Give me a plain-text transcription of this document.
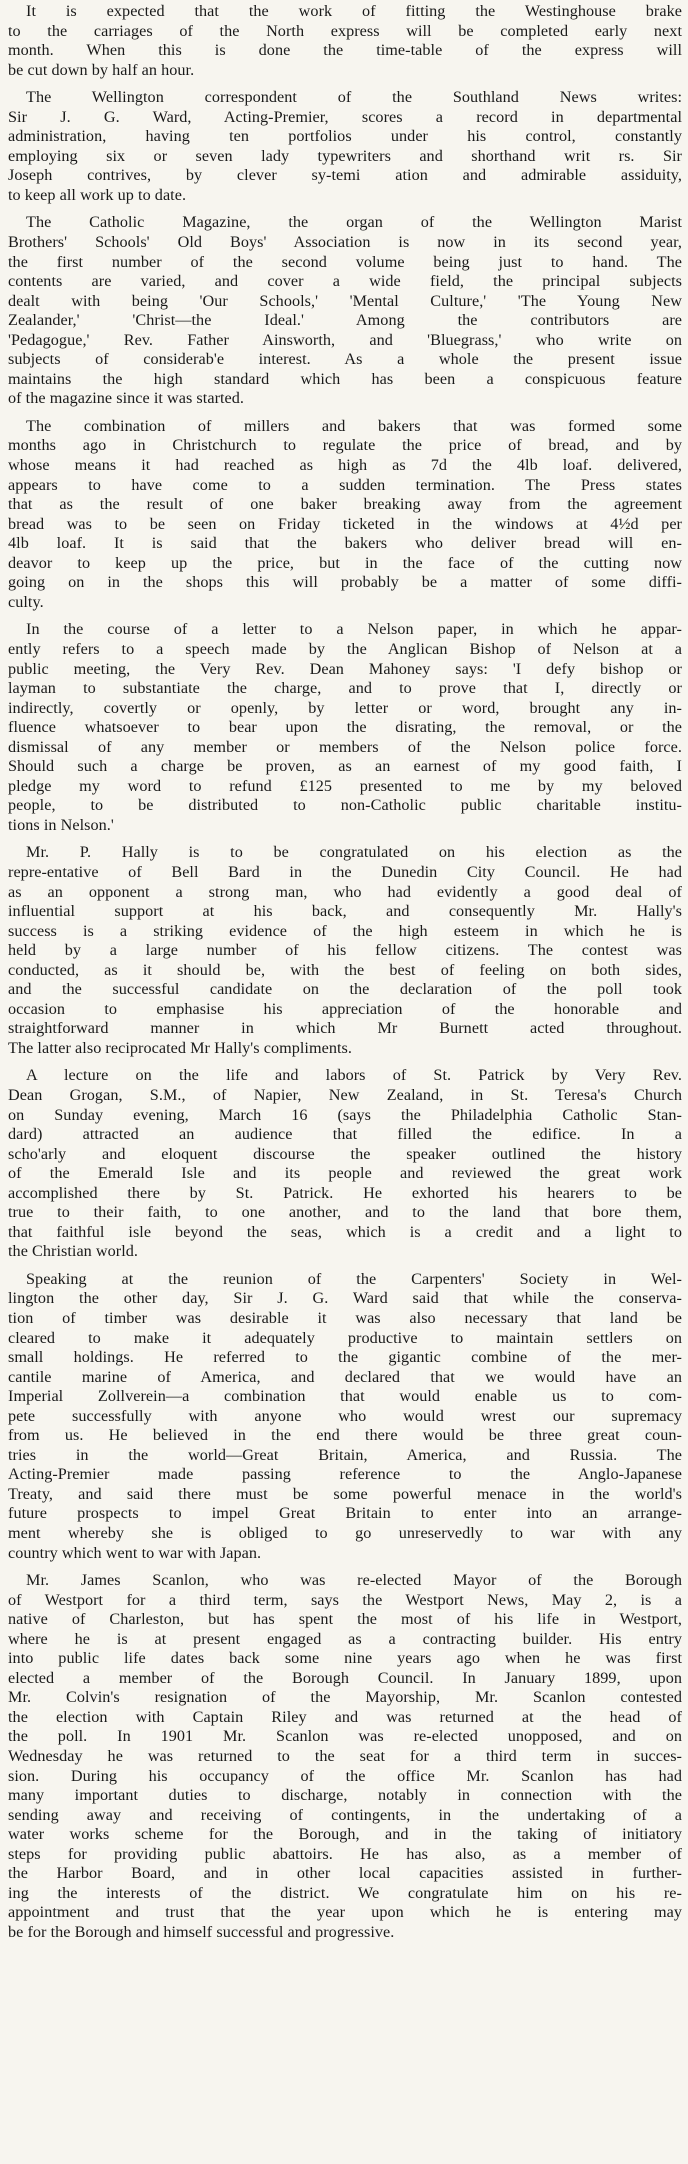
It is expected that the work of fitting the Westinghouse brake
to the carriages of the North express will be completed early next
month. When this is done the time-table of the express will
be cut down by half an hour.

The Wellington correspondent of the Southland News writes:
Sir J. G. Ward, Acting-Premier, scores a record in departmental
administration, having ten portfolios under his control, constantly
employing six or seven lady typewriters and shorthand writ rs. Sir
Joseph contrives, by clever sy-temi ation and admirable assiduity,
to keep all work up to date.

The Catholic Magazine, the organ of the Wellington Marist
Brothers' Schools' Old Boys' Association is now in its second year,
the first number of the second volume being just to hand. The
contents are varied, and cover a wide field, the principal subjects
dealt with being 'Our Schools,' 'Mental Culture,' 'The Young New
Zealander,' 'Christ—the Ideal.' Among the contributors are
'Pedagogue,' Rev. Father Ainsworth, and 'Bluegrass,' who write on
subjects of considerab'e interest. As a whole the present issue
maintains the high standard which has been a conspicuous feature
of the magazine since it was started.

The combination of millers and bakers that was formed some
months ago in Christchurch to regulate the price of bread, and by
whose means it had reached as high as 7d the 4lb loaf. delivered,
appears to have come to a sudden termination. The Press states
that as the result of one baker breaking away from the agreement
bread was to be seen on Friday ticketed in the windows at 4½d per
4lb loaf. It is said that the bakers who deliver bread will en-
deavor to keep up the price, but in the face of the cutting now
going on in the shops this will probably be a matter of some diffi-
culty.

In the course of a letter to a Nelson paper, in which he appar-
ently refers to a speech made by the Anglican Bishop of Nelson at a
public meeting, the Very Rev. Dean Mahoney says: 'I defy bishop or
layman to substantiate the charge, and to prove that I, directly or
indirectly, covertly or openly, by letter or word, brought any in-
fluence whatsoever to bear upon the disrating, the removal, or the
dismissal of any member or members of the Nelson police force.
Should such a charge be proven, as an earnest of my good faith, I
pledge my word to refund £125 presented to me by my beloved
people, to be distributed to non-Catholic public charitable institu-
tions in Nelson.'

Mr. P. Hally is to be congratulated on his election as the
repre-entative of Bell Bard in the Dunedin City Council. He had
as an opponent a strong man, who had evidently a good deal of
influential support at his back, and consequently Mr. Hally's
success is a striking evidence of the high esteem in which he is
held by a large number of his fellow citizens. The contest was
conducted, as it should be, with the best of feeling on both sides,
and the successful candidate on the declaration of the poll took
occasion to emphasise his appreciation of the honorable and
straightforward manner in which Mr Burnett acted throughout.
The latter also reciprocated Mr Hally's compliments.

A lecture on the life and labors of St. Patrick by Very Rev.
Dean Grogan, S.M., of Napier, New Zealand, in St. Teresa's Church
on Sunday evening, March 16 (says the Philadelphia Catholic Stan-
dard) attracted an audience that filled the edifice. In a
scho'arly and eloquent discourse the speaker outlined the history
of the Emerald Isle and its people and reviewed the great work
accomplished there by St. Patrick. He exhorted his hearers to be
true to their faith, to one another, and to the land that bore them,
that faithful isle beyond the seas, which is a credit and a light to
the Christian world.

Speaking at the reunion of the Carpenters' Society in Wel-
lington the other day, Sir J. G. Ward said that while the conserva-
tion of timber was desirable it was also necessary that land be
cleared to make it adequately productive to maintain settlers on
small holdings. He referred to the gigantic combine of the mer-
cantile marine of America, and declared that we would have an
Imperial Zollverein—a combination that would enable us to com-
pete successfully with anyone who would wrest our supremacy
from us. He believed in the end there would be three great coun-
tries in the world—Great Britain, America, and Russia. The
Acting-Premier made passing reference to the Anglo-Japanese
Treaty, and said there must be some powerful menace in the world's
future prospects to impel Great Britain to enter into an arrange-
ment whereby she is obliged to go unreservedly to war with any
country which went to war with Japan.

Mr. James Scanlon, who was re-elected Mayor of the Borough
of Westport for a third term, says the Westport News, May 2, is a
native of Charleston, but has spent the most of his life in Westport,
where he is at present engaged as a contracting builder. His entry
into public life dates back some nine years ago when he was first
elected a member of the Borough Council. In January 1899, upon
Mr. Colvin's resignation of the Mayorship, Mr. Scanlon contested
the election with Captain Riley and was returned at the head of
the poll. In 1901 Mr. Scanlon was re-elected unopposed, and on
Wednesday he was returned to the seat for a third term in succes-
sion. During his occupancy of the office Mr. Scanlon has had
many important duties to discharge, notably in connection with the
sending away and receiving of contingents, in the undertaking of a
water works scheme for the Borough, and in the taking of initiatory
steps for providing public abattoirs. He has also, as a member of
the Harbor Board, and in other local capacities assisted in further-
ing the interests of the district. We congratulate him on his re-
appointment and trust that the year upon which he is entering may
be for the Borough and himself successful and progressive.
